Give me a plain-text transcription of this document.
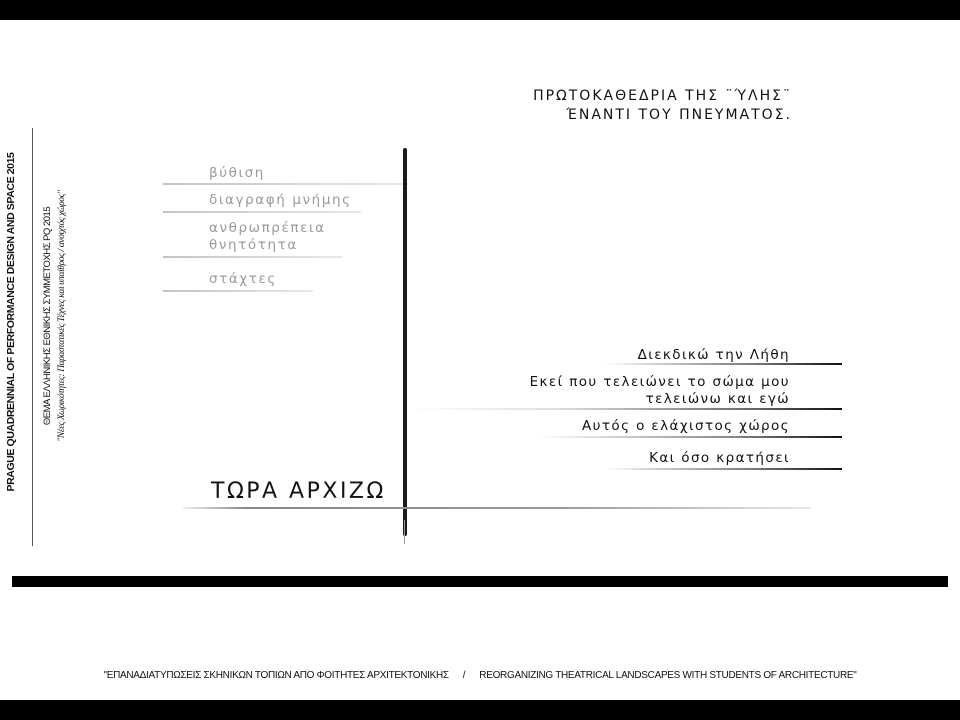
PRAGUE QUADRENNIAL OF PERFORMANCE DESIGN AND SPACE 2015	ΘΕΜΑ ΕΛΛΗΝΙΚΗΣ ΕΘΝΙΚΗΣ ΣΥΜΜΕΤΟΧΗΣ PQ 2015 "Νέες Χωρικότητες: Παραστατικές Τέχνες και υπαίθρος / ανοιχτός χώρος"
ΠΡΩΤΟΚΑΘΕΔΡΙΑ ΤΗΣ ¨ΎΛΗΣ¨
ΈΝΑΝΤΙ ΤΟΥ ΠΝΕΥΜΑΤΟΣ.
βύθιση
διαγραφή μνήμης
ανθρωπρέπεια
θνητότητα
στάχτες
Διεκδικώ την Λήθη
Εκεί που τελειώνει το σώμα μου
τελειώνω και εγώ
Αυτός ο ελάχιστος χώρος
Και όσο κρατήσει
ΤΩΡΑ ΑΡΧΙΖΩ
"ΕΠΑΝΑΔΙΑΤΥΠΩΣΕΙΣ ΣΚΗΝΙΚΩΝ ΤΟΠΙΩΝ ΑΠΟ ΦΟΙΤΗΤΕΣ ΑΡΧΙΤΕΚΤΟΝΙΚΗΣ / REORGANIZING THEATRICAL LANDSCAPES WITH STUDENTS OF ARCHITECTURE"
